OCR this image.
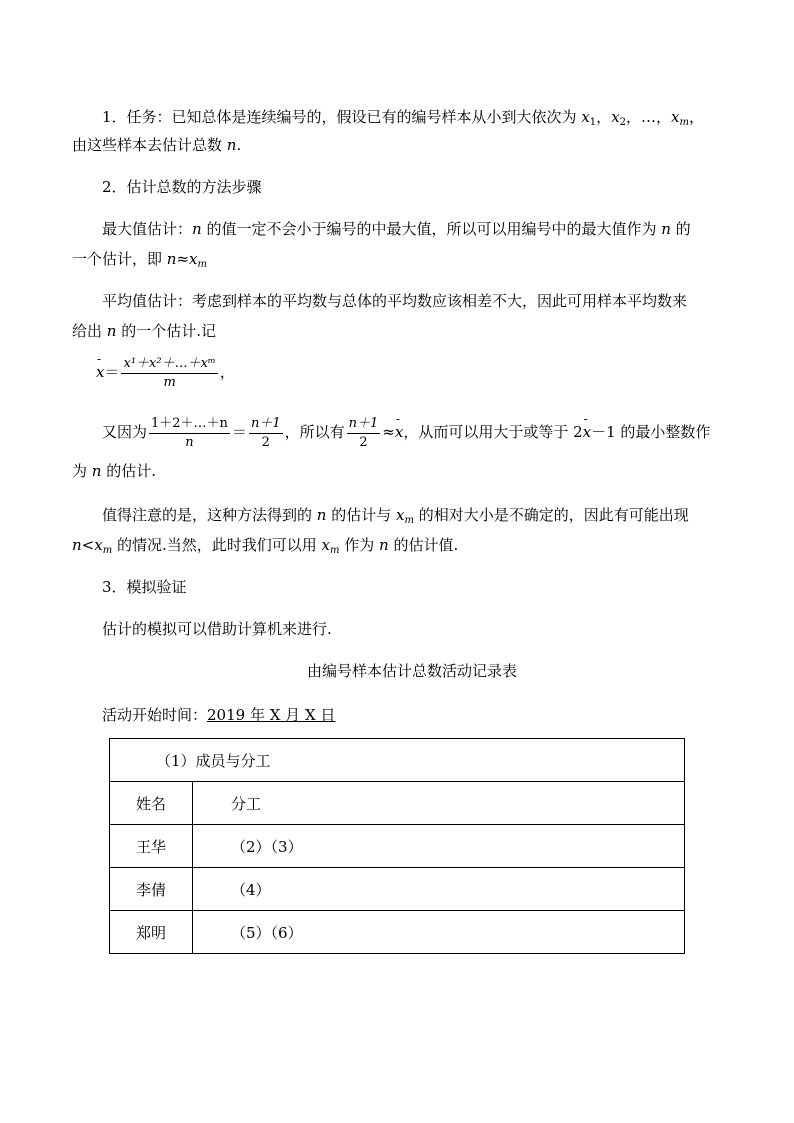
1．任务：已知总体是连续编号的，假设已有的编号样本从小到大依次为 $x_1$，$x_2$，…，$x_m$，
由这些样本去估计总数 n.
2．估计总数的方法步骤
最大值估计：n 的值一定不会小于编号的中最大值，所以可以用编号中的最大值作为 n 的
一个估计，即 $n\approx x_m$
平均值估计：考虑到样本的平均数与总体的平均数应该相差不大，因此可用样本平均数来
给出 n 的一个估计.记
- $x= \frac{\text{x¹＋x²＋…＋xᵐ}}{m}$ ，
又因为 $\frac{1+2+\dots+n}{n} = \frac{n+1}{2}$ ，所以有 $\frac{n+1}{2} \approx- x$，从而可以用大于或等于 2- x－1 的最小整数作
为 n 的估计.
值得注意的是，这种方法得到的 n 的估计与 $x_m$ 的相对大小是不确定的，因此有可能出现
$n<x_m$ 的情况.当然，此时我们可以用 $x_m$ 作为 n 的估计值.
3．模拟验证
估计的模拟可以借助计算机来进行.
由编号样本估计总数活动记录表
活动开始时间：2019 年 X 月 X 日
（1）成员与分工	
姓名	分工
王华	（2）（3）
李倩	（4）
郑明	（5）（6）
